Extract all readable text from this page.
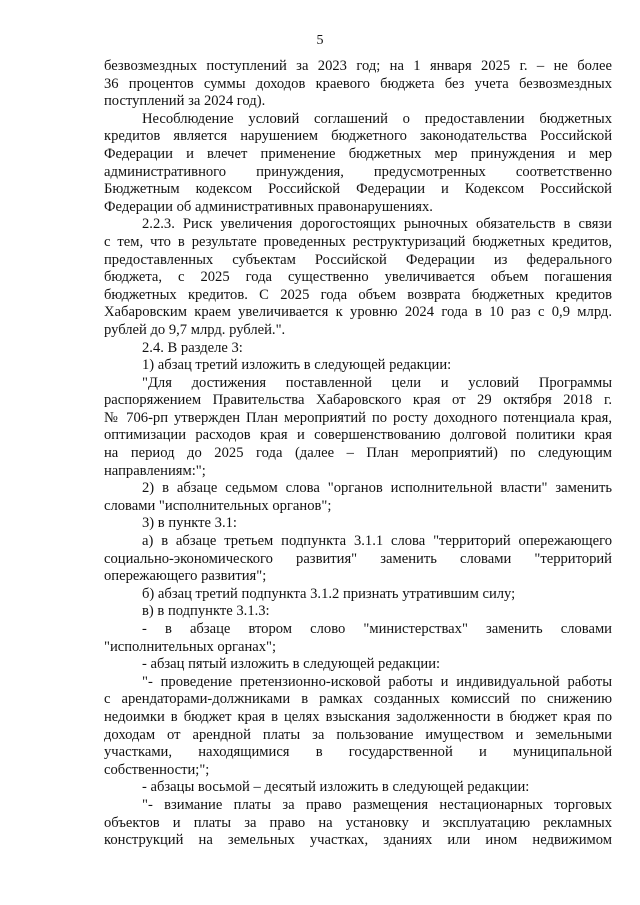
5
безвозмездных поступлений за 2023 год; на 1 января 2025 г. – не более
36 процентов суммы доходов краевого бюджета без учета безвозмездных
поступлений за 2024 год).
Несоблюдение условий соглашений о предоставлении бюджетных
кредитов является нарушением бюджетного законодательства Российской
Федерации и влечет применение бюджетных мер принуждения и мер
административного принуждения, предусмотренных соответственно
Бюджетным кодексом Российской Федерации и Кодексом Российской
Федерации об административных правонарушениях.
2.2.3. Риск увеличения дорогостоящих рыночных обязательств в связи
с тем, что в результате проведенных реструктуризаций бюджетных кредитов,
предоставленных субъектам Российской Федерации из федерального
бюджета, с 2025 года существенно увеличивается объем погашения
бюджетных кредитов. С 2025 года объем возврата бюджетных кредитов
Хабаровским краем увеличивается к уровню 2024 года в 10 раз с 0,9 млрд.
рублей до 9,7 млрд. рублей.".
2.4. В разделе 3:
1) абзац третий изложить в следующей редакции:
"Для достижения поставленной цели и условий Программы
распоряжением Правительства Хабаровского края от 29 октября 2018 г.
№ 706-рп утвержден План мероприятий по росту доходного потенциала края,
оптимизации расходов края и совершенствованию долговой политики края
на период до 2025 года (далее – План мероприятий) по следующим
направлениям:";
2) в абзаце седьмом слова "органов исполнительной власти" заменить
словами "исполнительных органов";
3) в пункте 3.1:
а) в абзаце третьем подпункта 3.1.1 слова "территорий опережающего
социально-экономического развития" заменить словами "территорий
опережающего развития";
б) абзац третий подпункта 3.1.2 признать утратившим силу;
в) в подпункте 3.1.3:
- в абзаце втором слово "министерствах" заменить словами
"исполнительных органах";
- абзац пятый изложить в следующей редакции:
"- проведение претензионно-исковой работы и индивидуальной работы
с арендаторами-должниками в рамках созданных комиссий по снижению
недоимки в бюджет края в целях взыскания задолженности в бюджет края по
доходам от арендной платы за пользование имуществом и земельными
участками, находящимися в государственной и муниципальной
собственности;";
- абзацы восьмой – десятый изложить в следующей редакции:
"- взимание платы за право размещения нестационарных торговых
объектов и платы за право на установку и эксплуатацию рекламных
конструкций на земельных участках, зданиях или ином недвижимом
